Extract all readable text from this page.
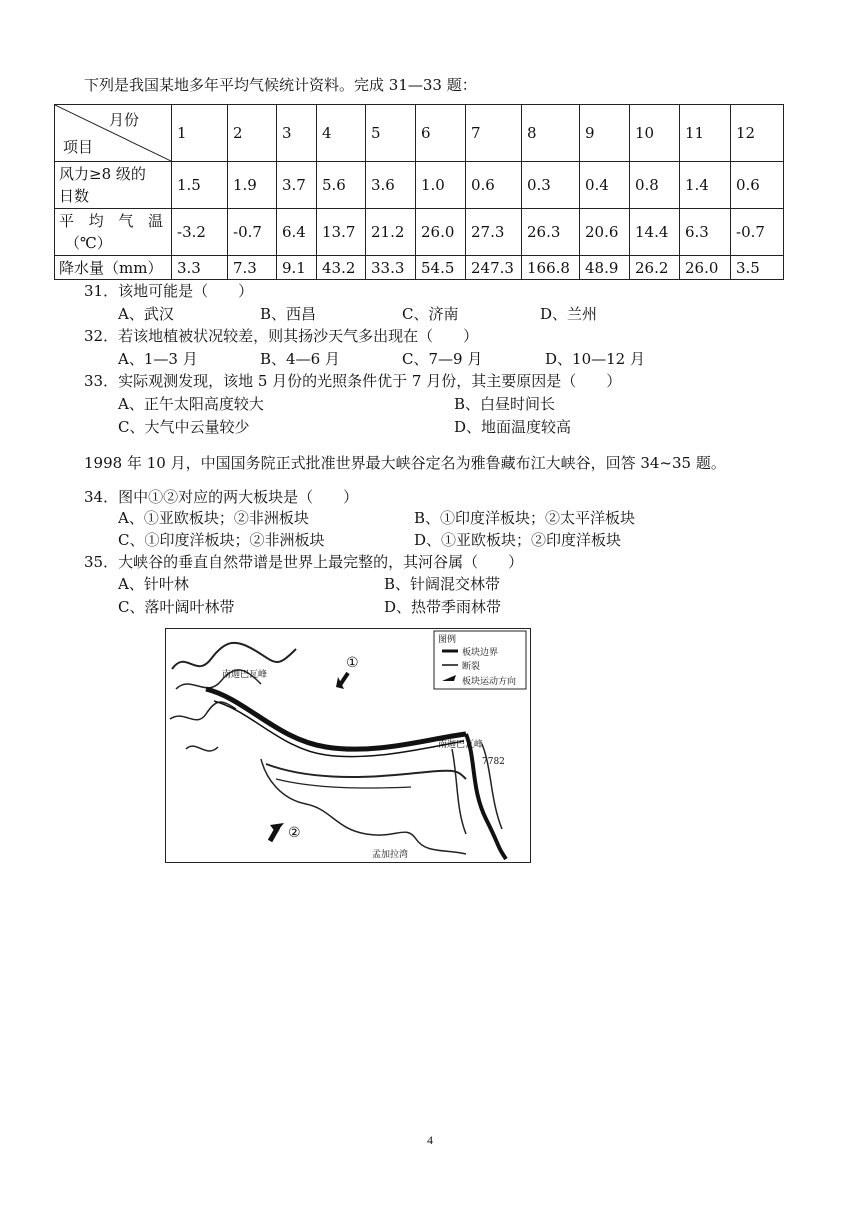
下列是我国某地多年平均气候统计资料。完成 31—33 题：
月份
项目	1	2	3	4	5	6	7	8	9	10	11	12
风力≥8 级的
日数	1.5	1.9	3.7	5.6	3.6	1.0	0.6	0.3	0.4	0.8	1.4	0.6

平 均 气 温
（℃）	-3.2	-0.7	6.4	13.7	21.2	26.0	27.3	26.3	20.6	14.4	6.3	-0.7
降水量（mm）	3.3	7.3	9.1	43.2	33.3	54.5	247.3	166.8	48.9	26.2	26.0	3.5
31．该地可能是（　　）
A、武汉	B、西昌	C、济南	D、兰州
32．若该地植被状况较差，则其扬沙天气多出现在（　　）
A、1—3 月	B、4—6 月	C、7—9 月	D、10—12 月
33．实际观测发现，该地 5 月份的光照条件优于 7 月份，其主要原因是（　　）
A、正午太阳高度较大	B、白昼时间长
C、大气中云量较少	D、地面温度较高
1998 年 10 月，中国国务院正式批准世界最大峡谷定名为雅鲁藏布江大峡谷，回答 34~35 题。
34．图中①②对应的两大板块是（　　）
A、①亚欧板块；②非洲板块	B、①印度洋板块；②太平洋板块
C、①印度洋板块；②非洲板块	D、①亚欧板块；②印度洋板块
35．大峡谷的垂直自然带谱是世界上最完整的，其河谷属（　　）
A、针叶林	B、针阔混交林带
C、落叶阔叶林带	D、热带季雨林带
图例
板块边界
断裂
板块运动方向
①
②
南迦巴瓦峰
南迦巴瓦峰
7782
孟加拉湾
4
